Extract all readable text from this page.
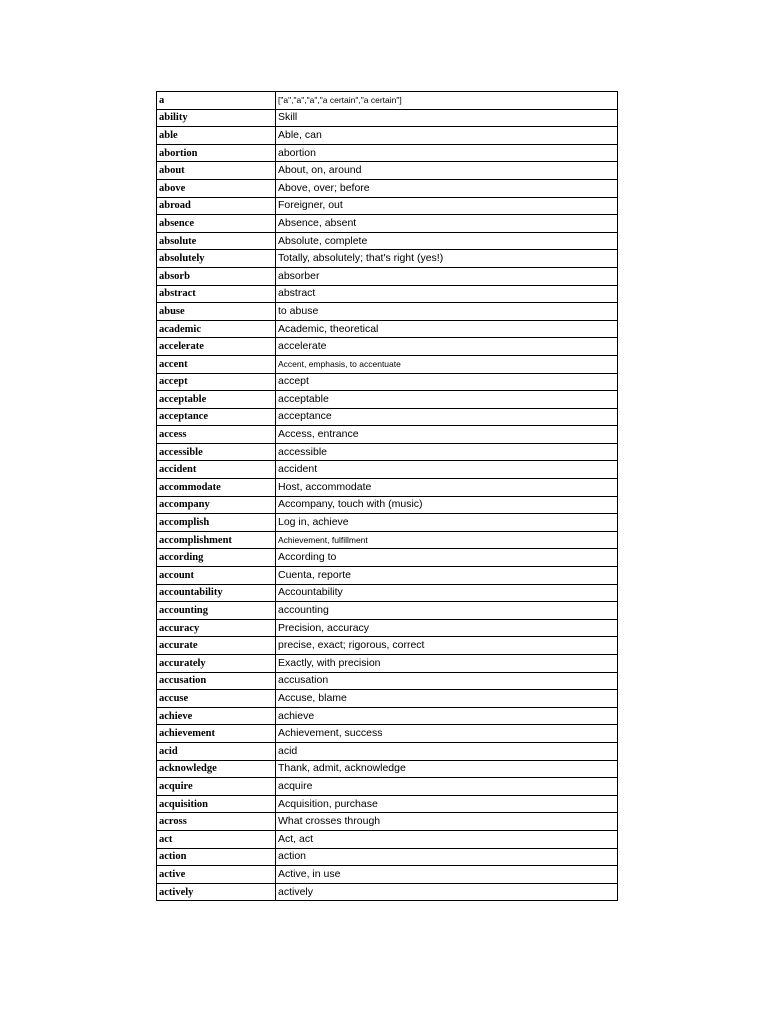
a	["a","a","a","a certain","a certain"]
ability	Skill
able	Able, can
abortion	abortion
about	About, on, around
above	Above, over; before
abroad	Foreigner, out
absence	Absence, absent
absolute	Absolute, complete
absolutely	Totally, absolutely; that's right (yes!)
absorb	absorber
abstract	abstract
abuse	to abuse
academic	Academic, theoretical
accelerate	accelerate
accent	Accent, emphasis, to accentuate
accept	accept
acceptable	acceptable
acceptance	acceptance
access	Access, entrance
accessible	accessible
accident	accident
accommodate	Host, accommodate
accompany	Accompany, touch with (music)
accomplish	Log in, achieve
accomplishment	Achievement, fulfillment
according	According to
account	Cuenta, reporte
accountability	Accountability
accounting	accounting
accuracy	Precision, accuracy
accurate	precise, exact; rigorous, correct
accurately	Exactly, with precision
accusation	accusation
accuse	Accuse, blame
achieve	achieve
achievement	Achievement, success
acid	acid
acknowledge	Thank, admit, acknowledge
acquire	acquire
acquisition	Acquisition, purchase
across	What crosses through
act	Act, act
action	action
active	Active, in use
actively	actively
